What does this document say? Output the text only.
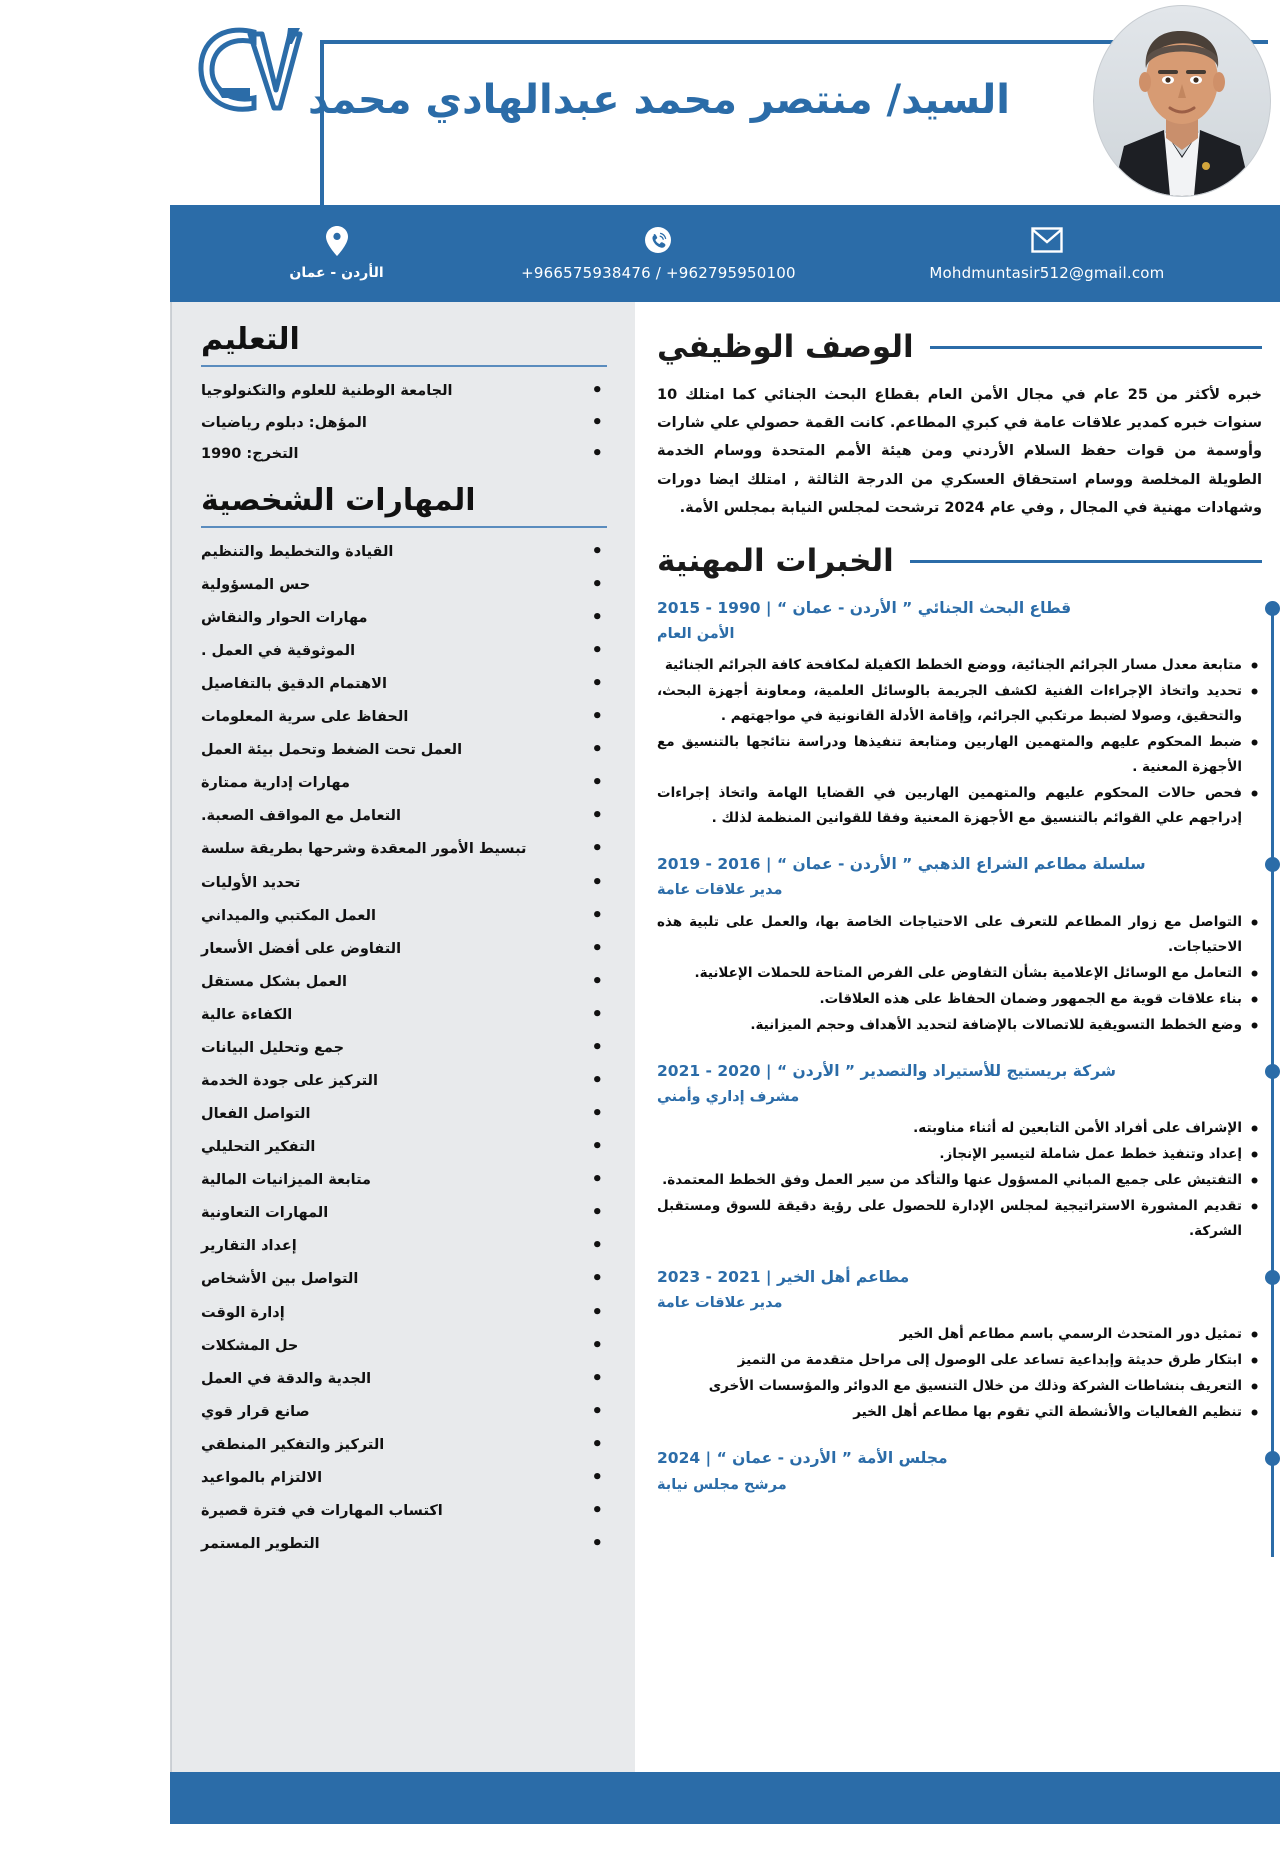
السيد/ منتصر محمد عبدالهادي محمد
Mohdmuntasir512@gmail.com
+966575938476 / +962795950100
الأردن - عمان
الوصف الوظيفي

خبره لأكثر من 25 عام في مجال الأمن العام بقطاع البحث الجنائي كما امتلك 10 سنوات خبره كمدير علاقات عامة في كبري المطاعم. كانت القمة حصولي علي شارات وأوسمة من قوات حفظ السلام الأردني ومن هيئة الأمم المتحدة ووسام الخدمة الطويلة المخلصة ووسام استحقاق العسكري من الدرجة الثالثة , امتلك ايضا دورات وشهادات مهنية في المجال , وفي عام 2024 ترشحت لمجلس النيابة بمجلس الأمة.

الخبرات المهنية
قطاع البحث الجنائي ” الأردن - عمان “ | 1990 - 2015
الأمن العام
• متابعة معدل مسار الجرائم الجنائية، ووضع الخطط الكفيلة لمكافحة كافة الجرائم الجنائية
• تحديد واتخاذ الإجراءات الفنية لكشف الجريمة بالوسائل العلمية، ومعاونة أجهزة البحث، والتحقيق، وصولا لضبط مرتكبي الجرائم، وإقامة الأدلة القانونية في مواجهتهم .
• ضبط المحكوم عليهم والمتهمين الهاربين ومتابعة تنفيذها ودراسة نتائجها بالتنسيق مع الأجهزة المعنية .
• فحص حالات المحكوم عليهم والمتهمين الهاربين في القضايا الهامة واتخاذ إجراءات إدراجهم علي القوائم بالتنسيق مع الأجهزة المعنية وفقا للقوانين المنظمة لذلك .
سلسلة مطاعم الشراع الذهبي ” الأردن - عمان “ | 2016 - 2019
مدير علاقات عامة
• التواصل مع زوار المطاعم للتعرف على الاحتياجات الخاصة بها، والعمل على تلبية هذه الاحتياجات.
• التعامل مع الوسائل الإعلامية بشأن التفاوض على الفرص المتاحة للحملات الإعلانية.
• بناء علاقات قوية مع الجمهور وضمان الحفاظ على هذه العلاقات.
• وضع الخطط التسويقية للاتصالات بالإضافة لتحديد الأهداف وحجم الميزانية.
شركة بريستيج للأستيراد والتصدير ” الأردن “ | 2020 - 2021
مشرف إداري وأمني
• الإشراف على أفراد الأمن التابعين له أثناء مناوبته.
• إعداد وتنفيذ خطط عمل شاملة لتيسير الإنجاز.
• التفتيش على جميع المباني المسؤول عنها والتأكد من سير العمل وفق الخطط المعتمدة.
• تقديم المشورة الاستراتيجية لمجلس الإدارة للحصول على رؤية دقيقة للسوق ومستقبل الشركة.
مطاعم أهل الخير | 2021 - 2023
مدير علاقات عامة
• تمثيل دور المتحدث الرسمي باسم مطاعم أهل الخير
• ابتكار طرق حديثة وإبداعية تساعد على الوصول إلى مراحل متقدمة من التميز
• التعريف بنشاطات الشركة وذلك من خلال التنسيق مع الدوائر والمؤسسات الأخرى
• تنظيم الفعاليات والأنشطة التي تقوم بها مطاعم أهل الخير
مجلس الأمة ” الأردن - عمان “ | 2024
مرشح مجلس نيابة
التعليم
• الجامعة الوطنية للعلوم والتكنولوجيا
• المؤهل: دبلوم رياضيات
• التخرج: 1990
المهارات الشخصية
• القيادة والتخطيط والتنظيم
• حس المسؤولية
• مهارات الحوار والنقاش
• الموثوقية في العمل .
• الاهتمام الدقيق بالتفاصيل
• الحفاظ على سرية المعلومات
• العمل تحت الضغط وتحمل بيئة العمل
• مهارات إدارية ممتارة
• التعامل مع المواقف الصعبة.
• تبسيط الأمور المعقدة وشرحها بطريقة سلسة
• تحديد الأوليات
• العمل المكتبي والميداني
• التفاوض على أفضل الأسعار
• العمل بشكل مستقل
• الكفاءة عالية
• جمع وتحليل البيانات
• التركيز على جودة الخدمة
• التواصل الفعال
• التفكير التحليلي
• متابعة الميزانيات المالية
• المهارات التعاونية
• إعداد التقارير
• التواصل بين الأشخاص
• إدارة الوقت
• حل المشكلات
• الجدية والدقة في العمل
• صانع قرار قوي
• التركيز والتفكير المنطقي
• الالتزام بالمواعيد
• اكتساب المهارات في فترة قصيرة
• التطوير المستمر
